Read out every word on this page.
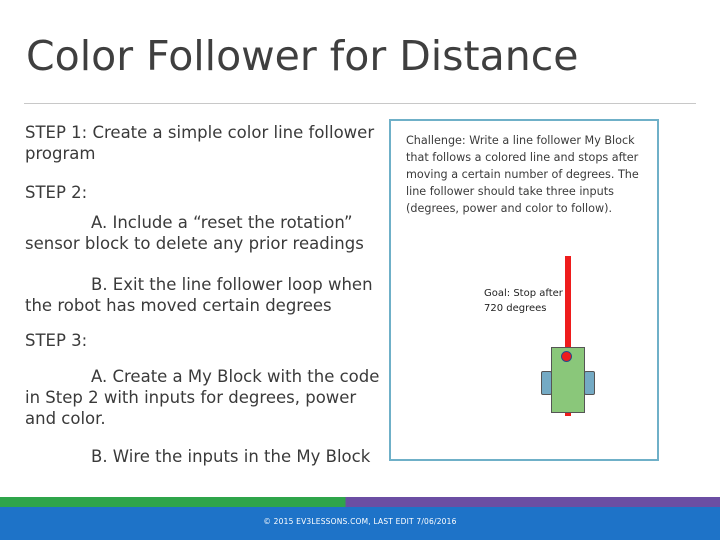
Color Follower for Distance

STEP 1: Create a simple color line follower program

STEP 2:

A. Include a “reset the rotation” sensor block to delete any prior readings

B. Exit the line follower loop when the robot has moved certain degrees

STEP 3:

A. Create a My Block with the code in Step 2 with inputs for degrees, power and color.

B. Wire the inputs in the My Block

Challenge: Write a line follower My Block that follows a colored line and stops after moving a certain number of degrees. The line follower should take three inputs (degrees, power and color to follow).
Goal: Stop after 720 degrees
© 2015 EV3LESSONS.COM, LAST EDIT 7/06/2016
